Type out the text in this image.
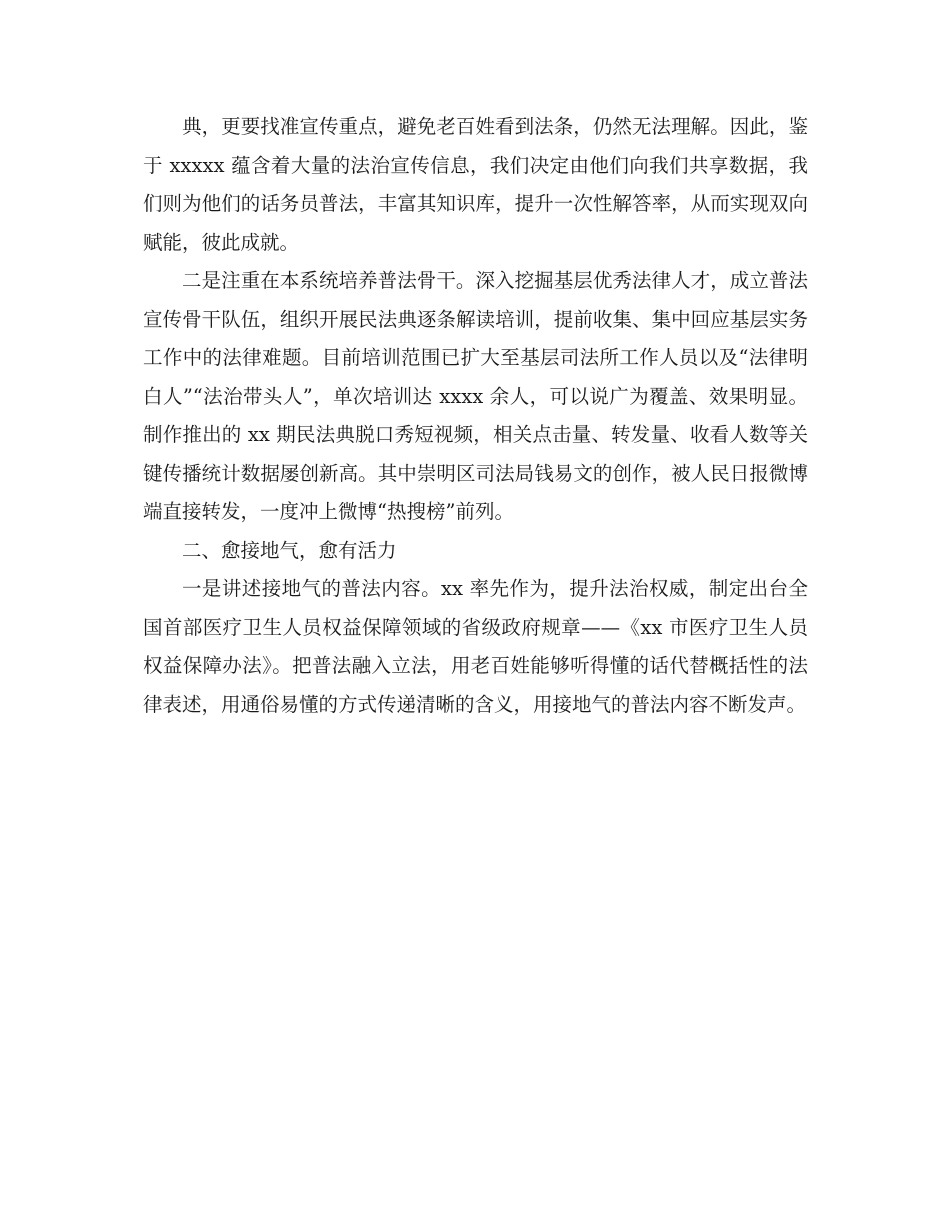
典，更要找准宣传重点，避免老百姓看到法条，仍然无法理解。因此，鉴于 xxxxx 蕴含着大量的法治宣传信息，我们决定由他们向我们共享数据，我们则为他们的话务员普法，丰富其知识库，提升一次性解答率，从而实现双向赋能，彼此成就。

二是注重在本系统培养普法骨干。深入挖掘基层优秀法律人才，成立普法宣传骨干队伍，组织开展民法典逐条解读培训，提前收集、集中回应基层实务工作中的法律难题。目前培训范围已扩大至基层司法所工作人员以及“法律明白人”“法治带头人”，单次培训达 xxxx 余人，可以说广为覆盖、效果明显。制作推出的 xx 期民法典脱口秀短视频，相关点击量、转发量、收看人数等关键传播统计数据屡创新高。其中崇明区司法局钱易文的创作，被人民日报微博端直接转发，一度冲上微博“热搜榜”前列。

二、愈接地气，愈有活力

一是讲述接地气的普法内容。xx 率先作为，提升法治权威，制定出台全国首部医疗卫生人员权益保障领域的省级政府规章——《xx 市医疗卫生人员权益保障办法》。把普法融入立法，用老百姓能够听得懂的话代替概括性的法律表述，用通俗易懂的方式传递清晰的含义，用接地气的普法内容不断发声。
